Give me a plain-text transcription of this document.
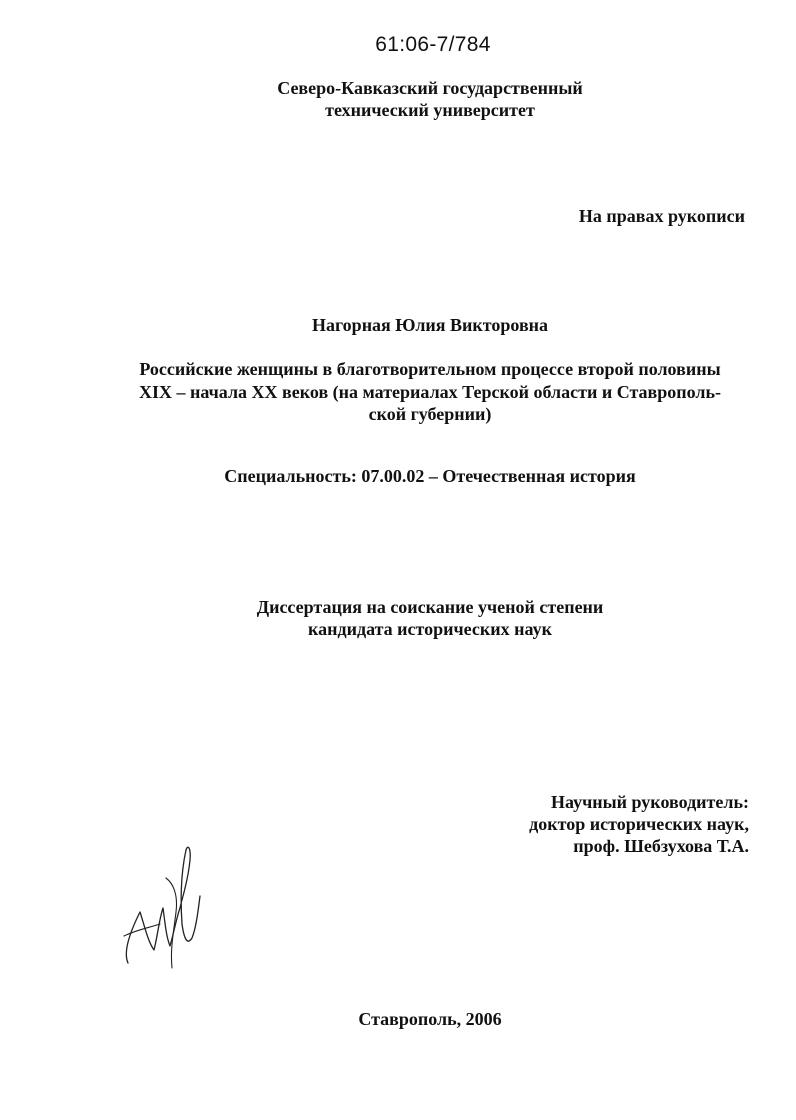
61:06-7/784
Северо-Кавказский государственный
технический университет
На правах рукописи
Нагорная Юлия Викторовна
Российские женщины в благотворительном процессе второй половины
XIX – начала XX веков (на материалах Терской области и Ставрополь-
ской губернии)
Специальность: 07.00.02 – Отечественная история
Диссертация на соискание ученой степени
кандидата исторических наук
Научный руководитель:
доктор исторических наук,
проф. Шебзухова Т.А.
Ставрополь, 2006
